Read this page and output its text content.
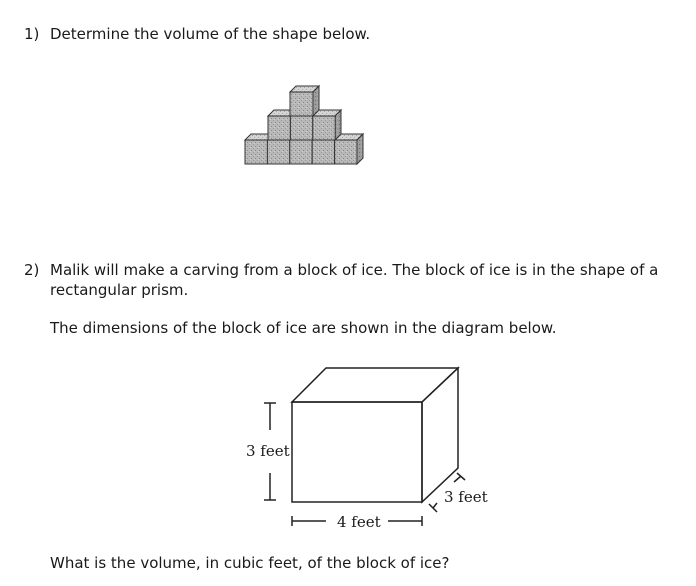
1) Determine the volume of the shape below.
2) Malik will make a carving from a block of ice. The block of ice is in the shape of a
rectangular prism.
The dimensions of the block of ice are shown in the diagram below.
3 feet
4 feet
3 feet
What is the volume, in cubic feet, of the block of ice?
